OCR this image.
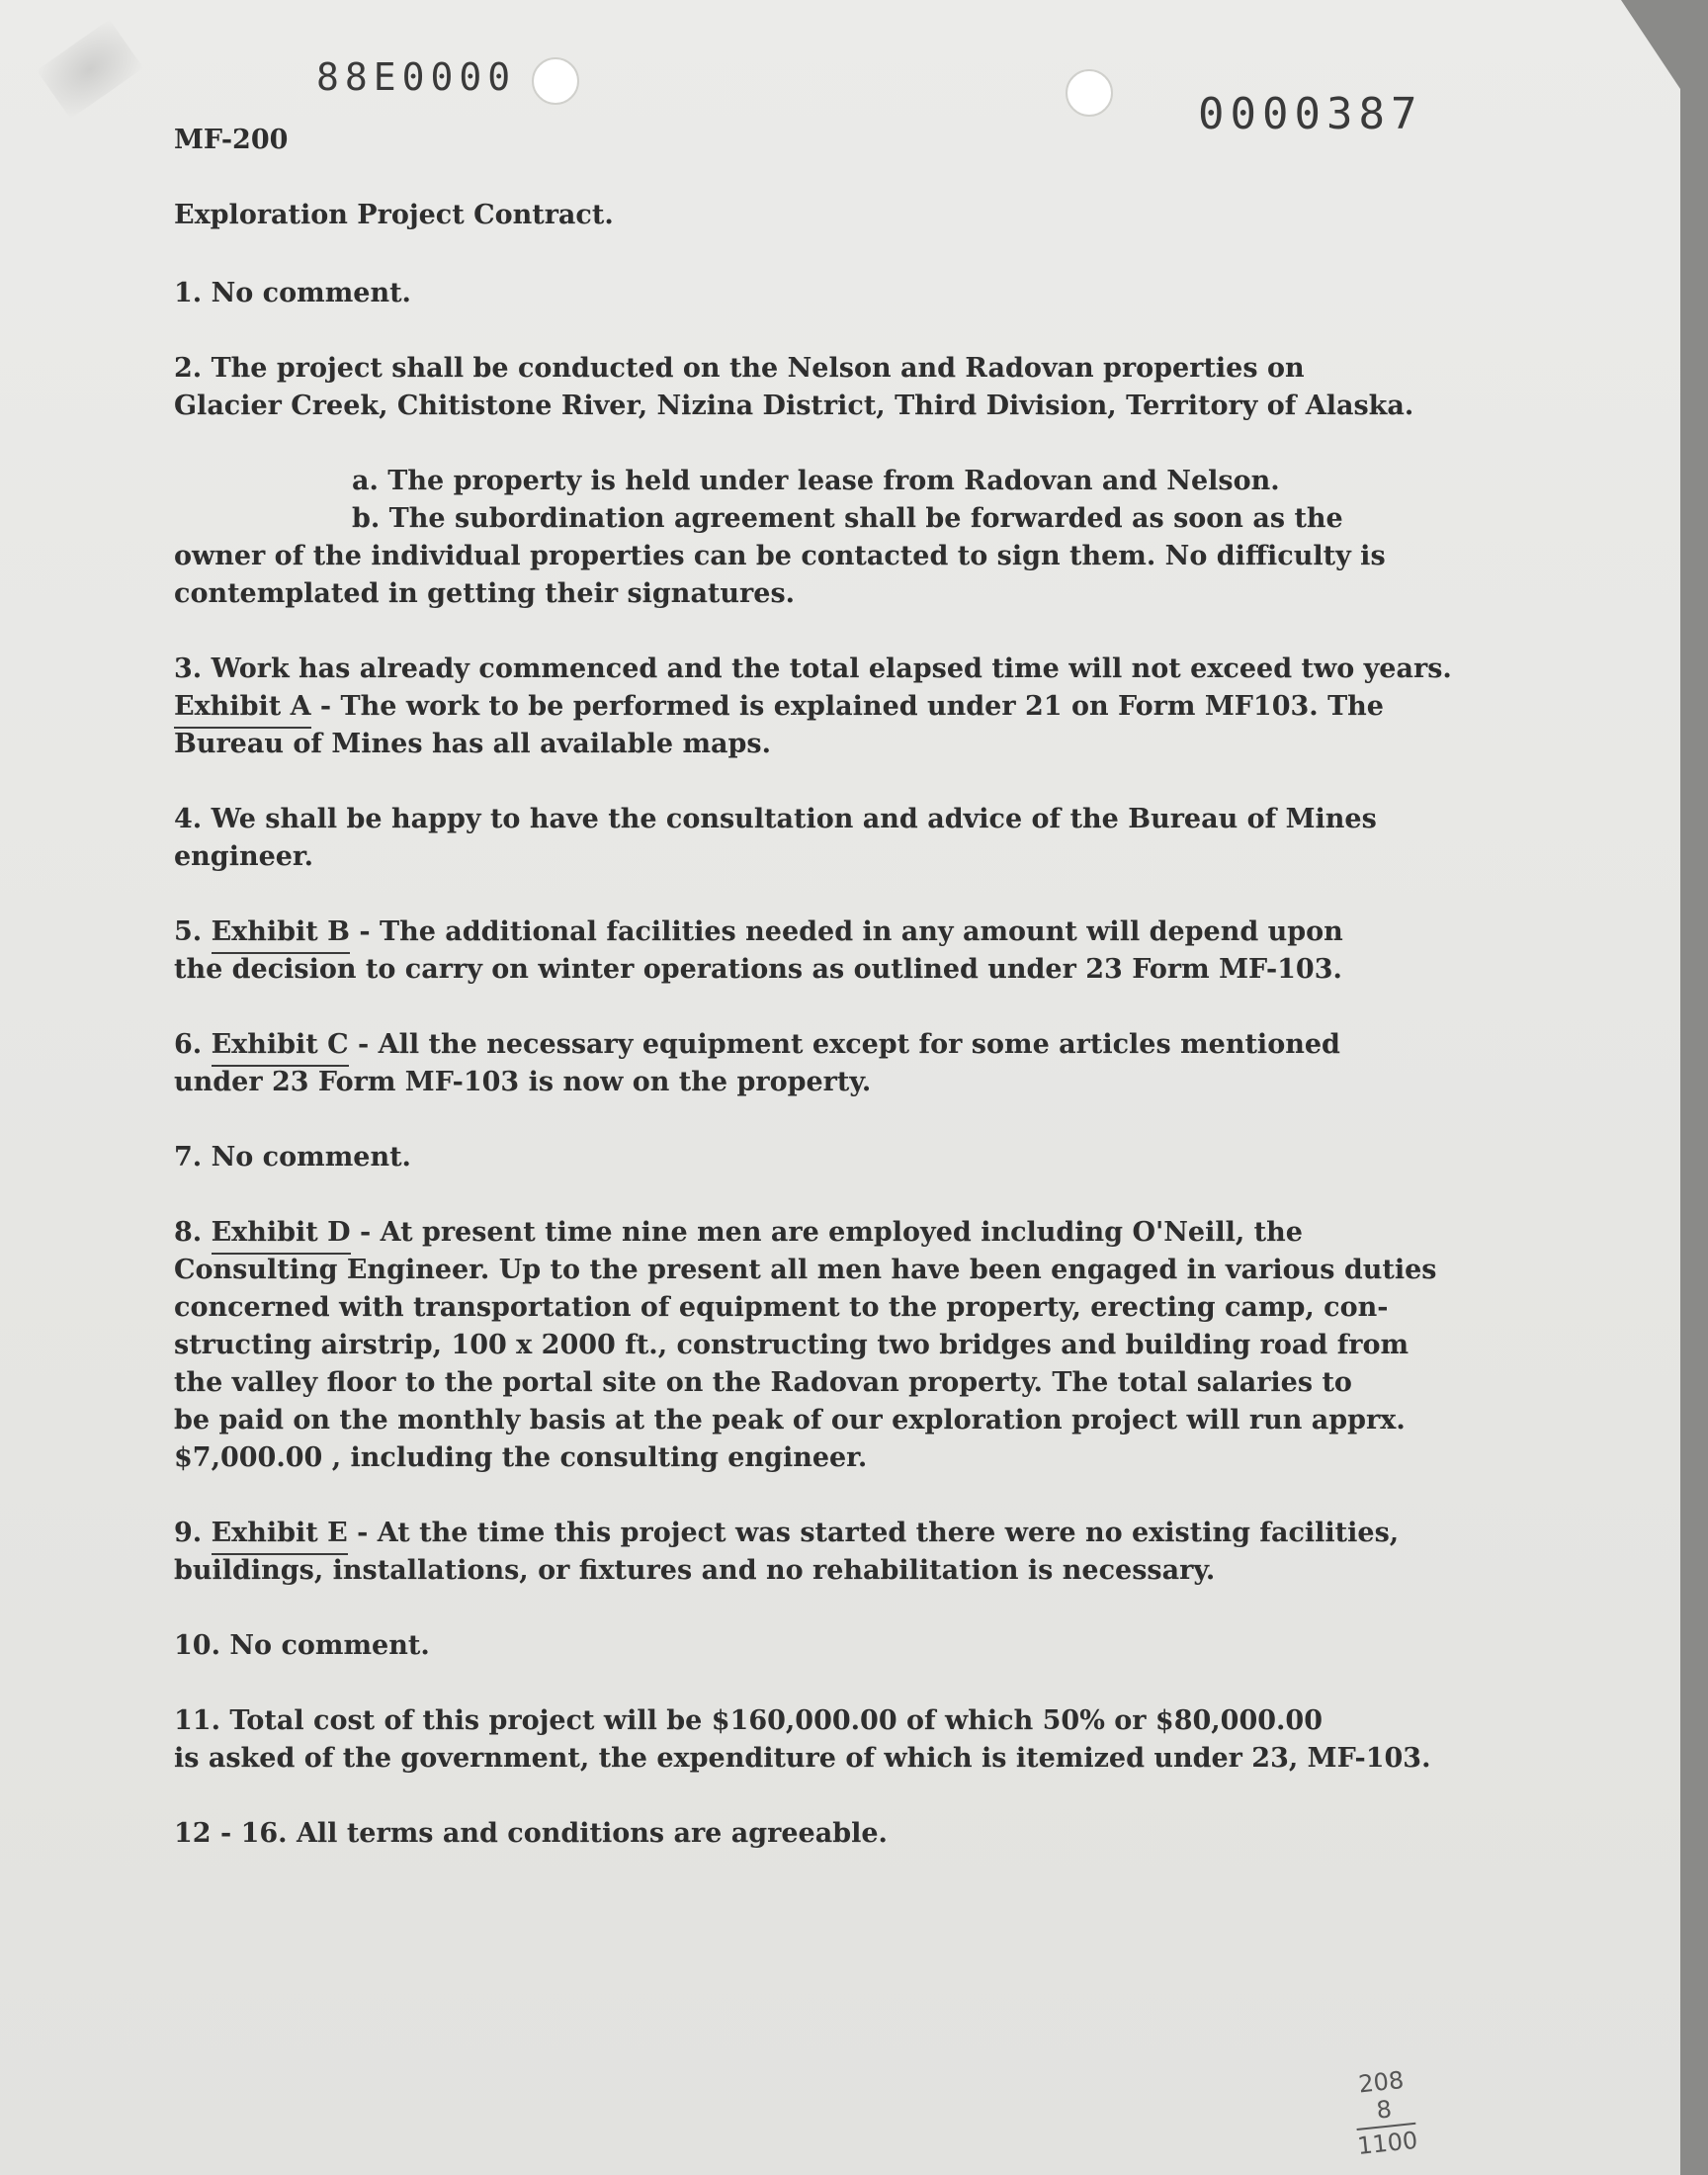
88E0000
0000387
MF-200
Exploration Project Contract.

1. No comment.

2. The project shall be conducted on the Nelson and Radovan properties on
Glacier Creek, Chitistone River, Nizina District, Third Division, Territory of Alaska.

a. The property is held under lease from Radovan and Nelson.
b. The subordination agreement shall be forwarded as soon as the
owner of the individual properties can be contacted to sign them. No difficulty is
contemplated in getting their signatures.

3. Work has already commenced and the total elapsed time will not exceed two years.
Exhibit A - The work to be performed is explained under 21 on Form MF103. The
Bureau of Mines has all available maps.

4. We shall be happy to have the consultation and advice of the Bureau of Mines
engineer.

5. Exhibit B - The additional facilities needed in any amount will depend upon
the decision to carry on winter operations as outlined under 23 Form MF-103.

6. Exhibit C - All the necessary equipment except for some articles mentioned
under 23 Form MF-103 is now on the property.

7. No comment.

8. Exhibit D - At present time nine men are employed including O'Neill, the
Consulting Engineer. Up to the present all men have been engaged in various duties
concerned with transportation of equipment to the property, erecting camp, con-
structing airstrip, 100 x 2000 ft., constructing two bridges and building road from
the valley floor to the portal site on the Radovan property. The total salaries to
be paid on the monthly basis at the peak of our exploration project will run apprx.
$7,000.00 , including the consulting engineer.

9. Exhibit E - At the time this project was started there were no existing facilities,
buildings, installations, or fixtures and no rehabilitation is necessary.

10. No comment.

11. Total cost of this project will be $160,000.00 of which 50% or $80,000.00
is asked of the government, the expenditure of which is itemized under 23, MF-103.

12 - 16. All terms and conditions are agreeable.

208
8
1100
